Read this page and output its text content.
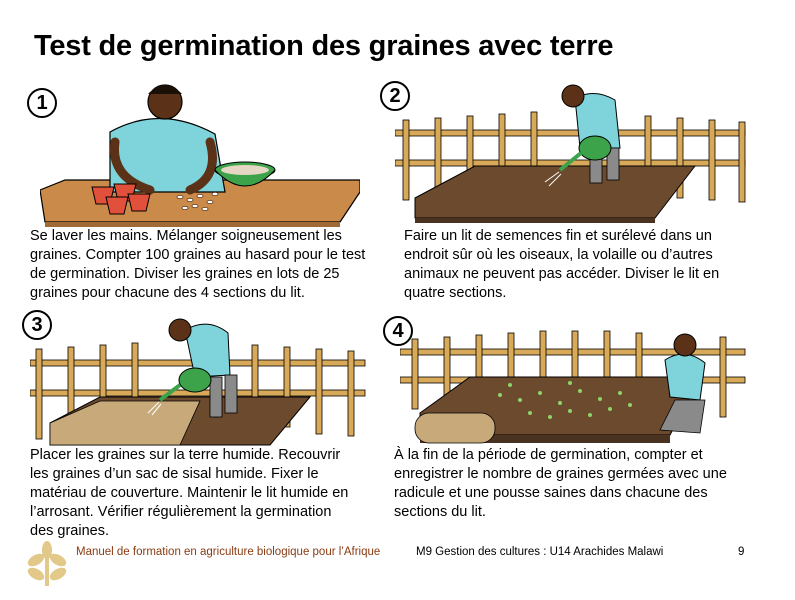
Test de germination des graines avec terre
1
Se laver les mains. Mélanger soigneusement les
graines. Compter 100 graines au hasard pour le test
de germination. Diviser les graines en lots de 25
graines pour chacune des 4 sections du lit.
2
Faire un lit de semences fin et surélevé dans un
endroit sûr où les oiseaux, la volaille ou d’autres
animaux ne peuvent pas accéder. Diviser le lit en
quatre sections.
3
Placer les graines sur la terre humide. Recouvrir
les graines d’un sac de sisal humide. Fixer le
matériau de couverture. Maintenir le lit humide en
l’arrosant. Vérifier régulièrement la germination
des graines.
4
À la fin de la période de germination, compter et
enregistrer le nombre de graines germées avec une
radicule et une pousse saines dans chacune des
sections du lit.
Manuel de formation en agriculture biologique pour l’Afrique	M9 Gestion des cultures : U14 Arachides Malawi	9
